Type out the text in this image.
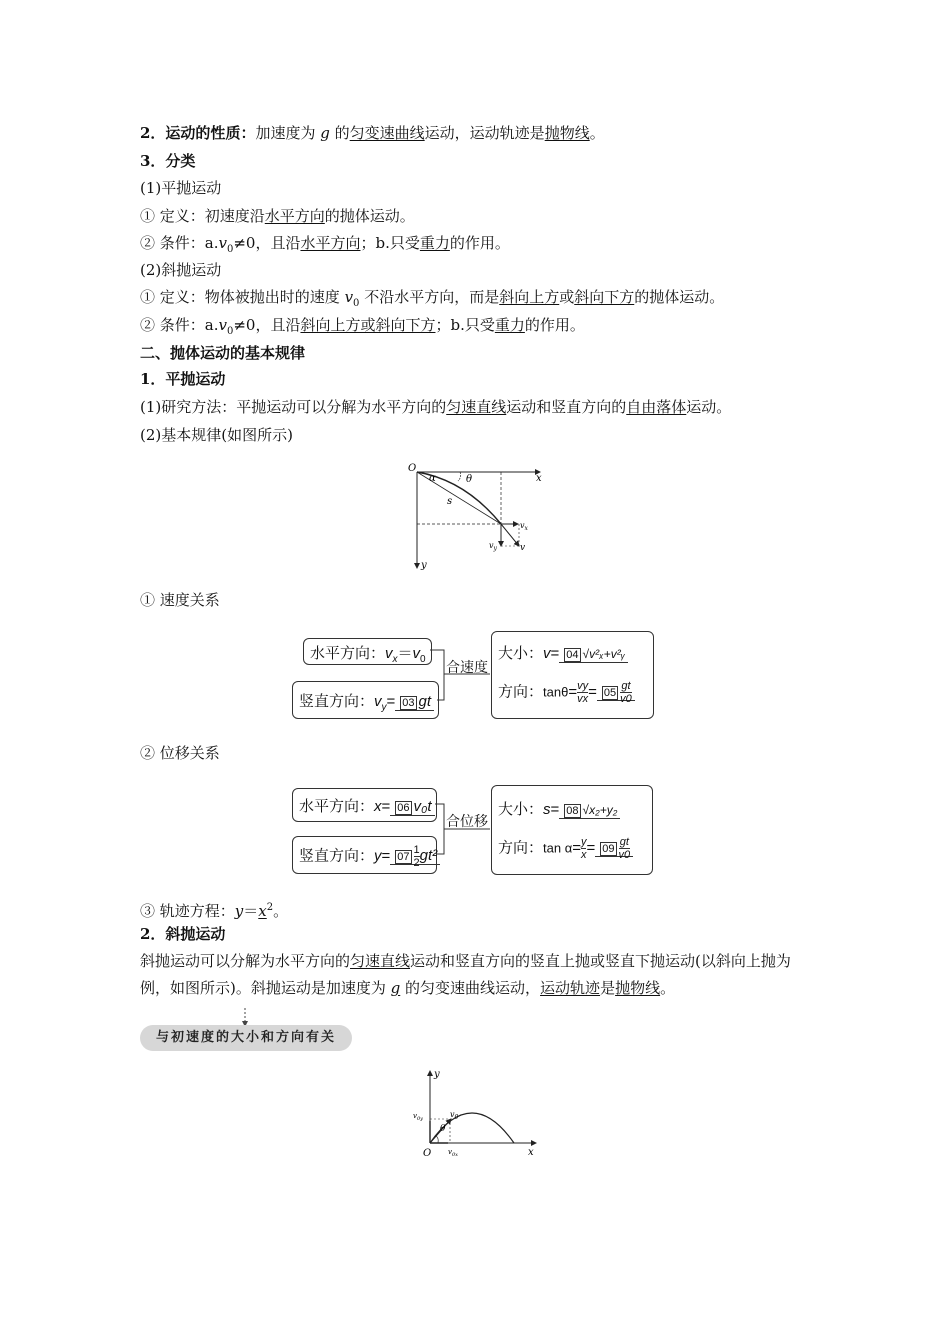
2．运动的性质：加速度为 g 的匀变速曲线运动，运动轨迹是抛物线。
3．分类
(1)平抛运动
① 定义：初速度沿水平方向的抛体运动。
② 条件：$a.v_0\ne 0$，且沿水平方向；b.只受重力的作用。
(2)斜抛运动
① 定义：物体被抛出时的速度 $v_0$ 不沿水平方向，而是斜向上方或斜向下方的抛体运动。
② 条件：$a.v_0\ne 0$，且沿斜向上方或斜向下方；b.只受重力的作用。
二、抛体运动的基本规律
1．平抛运动
(1)研究方法：平抛运动可以分解为水平方向的匀速直线运动和竖直方向的自由落体运动。
(2)基本规律(如图所示)
O
x
y
α	θ
s
$v_x$
$v_y$	v
① 速度关系
水平方向：$v_x=v_0$
竖直方向：$v_y= 03$ gt
合速度
大小：v= 04 √v²ₓ+v²ᵧ
方向：$\tan\theta= \frac{vy}{vx} = 05 \frac{gt}{v0}$
② 位移关系
水平方向：x= 06 v₀t
竖直方向：$y= 07 \frac{1}{2} gt^2$
合位移
大小：s= 08 √x₂+y₂
方向：$\tan \alpha= \frac{y}{x} = 09 \frac{gt}{v0}$
③ 轨迹方程：$y=x^2$。
2．斜抛运动
斜抛运动可以分解为水平方向的匀速直线运动和竖直方向的竖直上抛或竖直下抛运动(以斜向上抛为例，如图所示)。斜抛运动是加速度为 g 的匀变速曲线运动，运动轨迹是抛物线。
与初速度的大小和方向有关
O	x
y
θ
$v_0$
$v_{0y}$
$v_{0x}$
